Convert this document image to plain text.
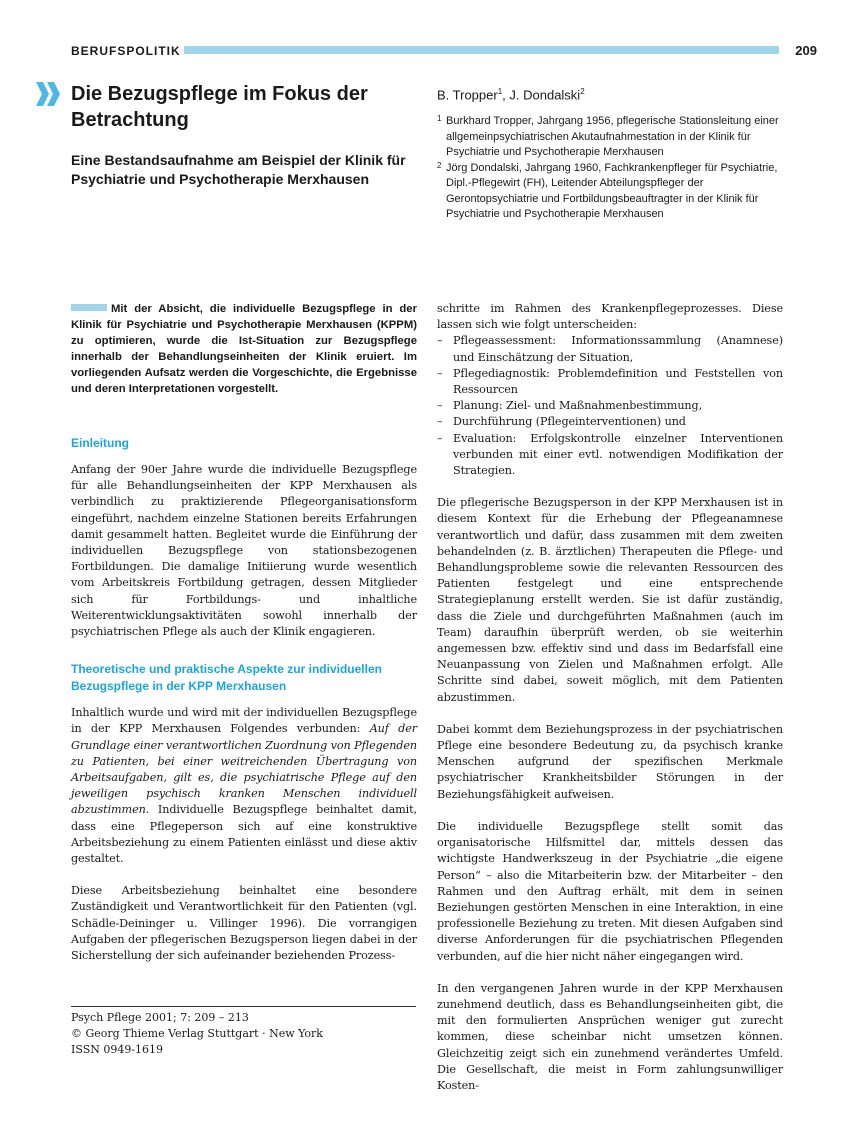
BERUFSPOLITIK	209
Die Bezugspflege im Fokus der Betrachtung
Eine Bestandsaufnahme am Beispiel der Klinik für Psychiatrie und Psychotherapie Merxhausen
B. Tropper$^1$, J. Dondalski$^2$

1 Burkhard Tropper, Jahrgang 1956, pflegerische Stationsleitung einer allgemeinpsychiatrischen Akutaufnahmestation in der Klinik für Psychiatrie und Psychotherapie Merxhausen

2 Jörg Dondalski, Jahrgang 1960, Fachkrankenpfleger für Psychiatrie, Dipl.-Pflegewirt (FH), Leitender Abteilungspfleger der Gerontopsychiatrie und Fortbildungsbeauftragter in der Klinik für Psychiatrie und Psychotherapie Merxhausen

Mit der Absicht, die individuelle Bezugspflege in der Klinik für Psychiatrie und Psychotherapie Merxhausen (KPPM) zu optimieren, wurde die Ist-Situation zur Bezugspflege innerhalb der Behandlungseinheiten der Klinik eruiert. Im vorliegenden Aufsatz werden die Vorgeschichte, die Ergebnisse und deren Interpretationen vorgestellt.

Einleitung

Anfang der 90er Jahre wurde die individuelle Bezugspflege für alle Behandlungseinheiten der KPP Merxhausen als verbindlich zu praktizierende Pflegeorganisationsform eingeführt, nachdem einzelne Stationen bereits Erfahrungen damit gesammelt hatten. Begleitet wurde die Einführung der individuellen Bezugspflege von stationsbezogenen Fortbildungen. Die damalige Initiierung wurde wesentlich vom Arbeitskreis Fortbildung getragen, dessen Mitglieder sich für Fortbildungs- und inhaltliche Weiterentwicklungsaktivitäten sowohl innerhalb der psychiatrischen Pflege als auch der Klinik engagieren.

Theoretische und praktische Aspekte zur individuellen Bezugspflege in der KPP Merxhausen

Inhaltlich wurde und wird mit der individuellen Bezugspflege in der KPP Merxhausen Folgendes verbunden: Auf der Grundlage einer verantwortlichen Zuordnung von Pflegenden zu Patienten, bei einer weitreichenden Übertragung von Arbeitsaufgaben, gilt es, die psychiatrische Pflege auf den jeweiligen psychisch kranken Menschen individuell abzustimmen. Individuelle Bezugspflege beinhaltet damit, dass eine Pflegeperson sich auf eine konstruktive Arbeitsbeziehung zu einem Patienten einlässt und diese aktiv gestaltet.

Diese Arbeitsbeziehung beinhaltet eine besondere Zuständigkeit und Verantwortlichkeit für den Patienten (vgl. Schädle-Deininger u. Villinger 1996). Die vorrangigen Aufgaben der pflegerischen Bezugsperson liegen dabei in der Sicherstellung der sich aufeinander beziehenden Prozess-

schritte im Rahmen des Krankenpflegeprozesses. Diese lassen sich wie folgt unterscheiden:

– Pflegeassessment: Informationssammlung (Anamnese) und Einschätzung der Situation,
– Pflegediagnostik: Problemdefinition und Feststellen von Ressourcen
– Planung: Ziel- und Maßnahmenbestimmung,
– Durchführung (Pflegeinterventionen) und
– Evaluation: Erfolgskontrolle einzelner Interventionen verbunden mit einer evtl. notwendigen Modifikation der Strategien.

Die pflegerische Bezugsperson in der KPP Merxhausen ist in diesem Kontext für die Erhebung der Pflegeanamnese verantwortlich und dafür, dass zusammen mit dem zweiten behandelnden (z. B. ärztlichen) Therapeuten die Pflege- und Behandlungsprobleme sowie die relevanten Ressourcen des Patienten festgelegt und eine entsprechende Strategieplanung erstellt werden. Sie ist dafür zuständig, dass die Ziele und durchgeführten Maßnahmen (auch im Team) daraufhin überprüft werden, ob sie weiterhin angemessen bzw. effektiv sind und dass im Bedarfsfall eine Neuanpassung von Zielen und Maßnahmen erfolgt. Alle Schritte sind dabei, soweit möglich, mit dem Patienten abzustimmen.

Dabei kommt dem Beziehungsprozess in der psychiatrischen Pflege eine besondere Bedeutung zu, da psychisch kranke Menschen aufgrund der spezifischen Merkmale psychiatrischer Krankheitsbilder Störungen in der Beziehungsfähigkeit aufweisen.

Die individuelle Bezugspflege stellt somit das organisatorische Hilfsmittel dar, mittels dessen das wichtigste Handwerkszeug in der Psychiatrie „die eigene Person“ – also die Mitarbeiterin bzw. der Mitarbeiter – den Rahmen und den Auftrag erhält, mit dem in seinen Beziehungen gestörten Menschen in eine Interaktion, in eine professionelle Beziehung zu treten. Mit diesen Aufgaben sind diverse Anforderungen für die psychiatrischen Pflegenden verbunden, auf die hier nicht näher eingegangen wird.

In den vergangenen Jahren wurde in der KPP Merxhausen zunehmend deutlich, dass es Behandlungseinheiten gibt, die mit den formulierten Ansprüchen weniger gut zurecht kommen, diese scheinbar nicht umsetzen können. Gleichzeitig zeigt sich ein zunehmend verändertes Umfeld. Die Gesellschaft, die meist in Form zahlungsunwilliger Kosten-

Psych Pflege 2001; 7: 209 – 213

© Georg Thieme Verlag Stuttgart · New York

ISSN 0949-1619
